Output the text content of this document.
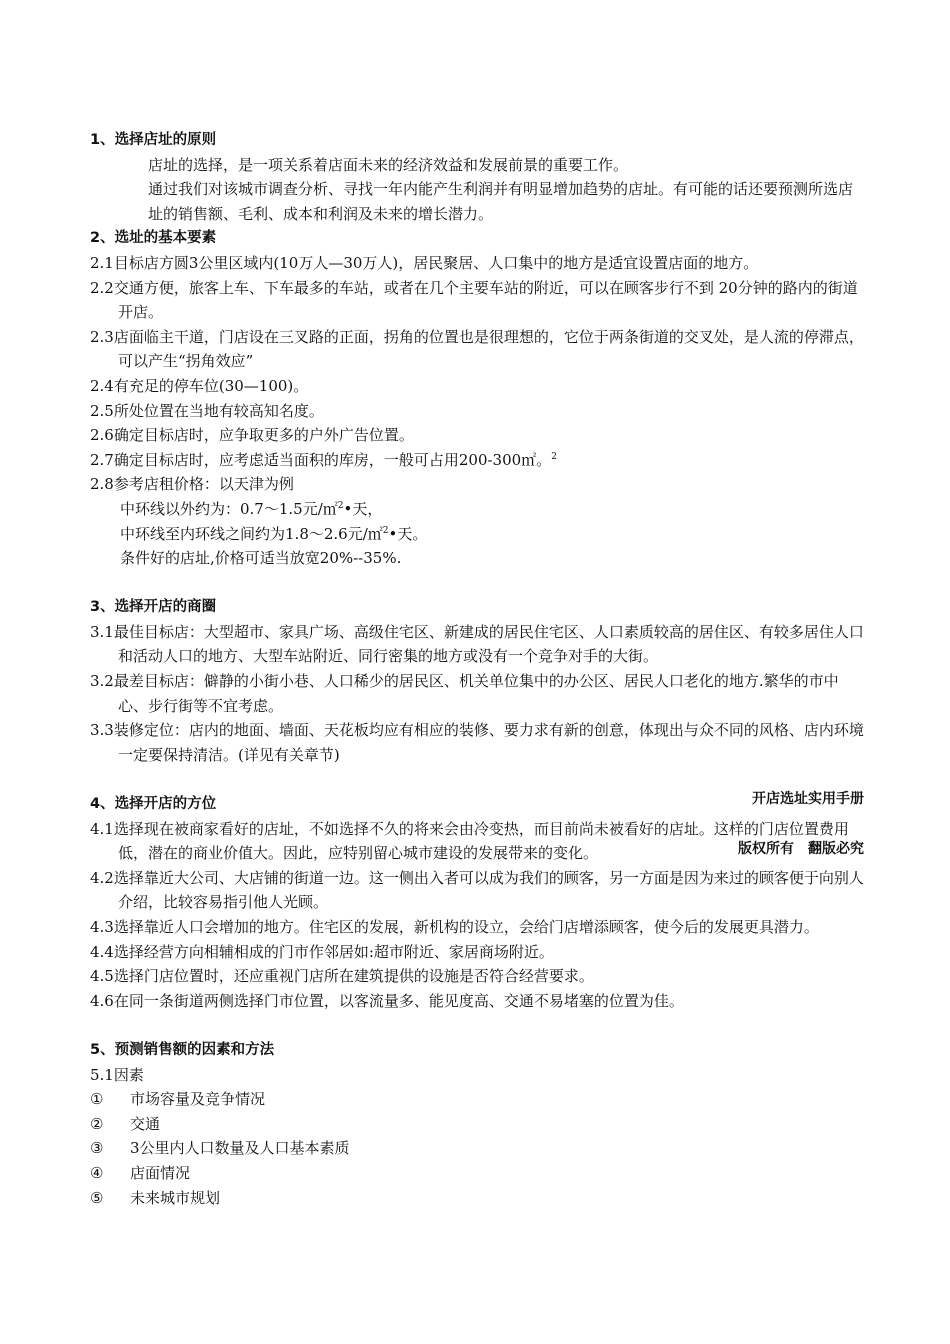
1、选择店址的原则
店址的选择，是一项关系着店面未来的经济效益和发展前景的重要工作。
通过我们对该城市调查分析、寻找一年内能产生利润并有明显增加趋势的店址。有可能的话还要预测所选店址的销售额、毛利、成本和利润及未来的增长潜力。
2、选址的基本要素
2.1目标店方圆3公里区域内(10万人—30万人)，居民聚居、人口集中的地方是适宜设置店面的地方。
2.2交通方便，旅客上车、下车最多的车站，或者在几个主要车站的附近，可以在顾客步行不到 20分钟的路内的街道开店。
2.3店面临主干道，门店设在三叉路的正面，拐角的位置也是很理想的，它位于两条街道的交叉处，是人流的停滞点，可以产生“拐角效应”
2.4有充足的停车位(30—100)。
2.5所处位置在当地有较高知名度。
2.6确定目标店时，应争取更多的户外广告位置。
2.7确定目标店时，应考虑适当面积的库房，一般可占用200-300㎡。$^2$
2.8参考店租价格：以天津为例
中环线以外约为：0.7～1.5元/㎡$^2$•天，
中环线至内环线之间约为1.8～2.6元/㎡$^2$•天。
条件好的店址,价格可适当放宽20%--35%.
3、选择开店的商圈
3.1最佳目标店：大型超市、家具广场、高级住宅区、新建成的居民住宅区、人口素质较高的居住区、有较多居住人口和活动人口的地方、大型车站附近、同行密集的地方或没有一个竞争对手的大街。
3.2最差目标店：僻静的小街小巷、人口稀少的居民区、机关单位集中的办公区、居民人口老化的地方.繁华的市中心、步行街等不宜考虑。
3.3装修定位：店内的地面、墙面、天花板均应有相应的装修、要力求有新的创意，体现出与众不同的风格、店内环境一定要保持清洁。(详见有关章节)
4、选择开店的方位
4.1选择现在被商家看好的店址，不如选择不久的将来会由冷变热，而目前尚未被看好的店址。这样的门店位置费用低，潜在的商业价值大。因此，应特别留心城市建设的发展带来的变化。
4.2选择靠近大公司、大店铺的街道一边。这一侧出入者可以成为我们的顾客，另一方面是因为来过的顾客便于向别人介绍，比较容易指引他人光顾。
4.3选择靠近人口会增加的地方。住宅区的发展，新机构的设立，会给门店增添顾客，使今后的发展更具潜力。
4.4选择经营方向相辅相成的门市作邻居如:超市附近、家居商场附近。
4.5选择门店位置时，还应重视门店所在建筑提供的设施是否符合经营要求。
4.6在同一条街道两侧选择门市位置，以客流量多、能见度高、交通不易堵塞的位置为佳。
5、预测销售额的因素和方法
5.1因素
①	市场容量及竞争情况
②	交通
③	3公里内人口数量及人口基本素质
④	店面情况
⑤	未来城市规划
开店选址实用手册
版权所有　翻版必究
